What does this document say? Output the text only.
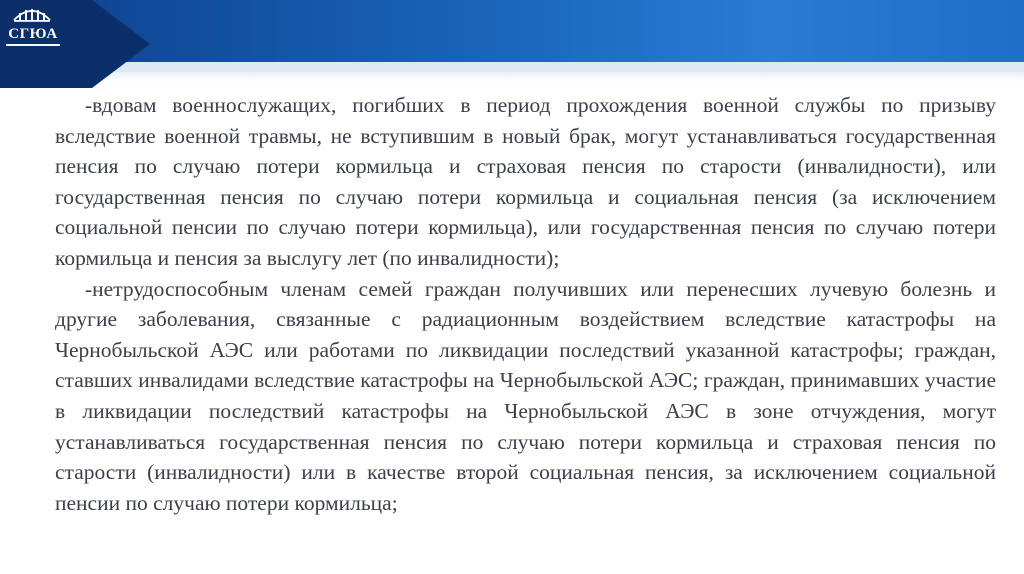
СГЮА

-вдовам военнослужащих, погибших в период прохождения военной службы по призыву вследствие военной травмы, не вступившим в новый брак, могут устанавливаться государственная пенсия по случаю потери кормильца и страховая пенсия по старости (инвалидности), или государственная пенсия по случаю потери кормильца и социальная пенсия (за исключением социальной пенсии по случаю потери кормильца), или государственная пенсия по случаю потери кормильца и пенсия за выслугу лет (по инвалидности);

-нетрудоспособным членам семей граждан получивших или перенесших лучевую болезнь и другие заболевания, связанные с радиационным воздействием вследствие катастрофы на Чернобыльской АЭС или работами по ликвидации последствий указанной катастрофы; граждан, ставших инвалидами вследствие катастрофы на Чернобыльской АЭС; граждан, принимавших участие в ликвидации последствий катастрофы на Чернобыльской АЭС в зоне отчуждения, могут устанавливаться государственная пенсия по случаю потери кормильца и страховая пенсия по старости (инвалидности) или в качестве второй социальная пенсия, за исключением социальной пенсии по случаю потери кормильца;
